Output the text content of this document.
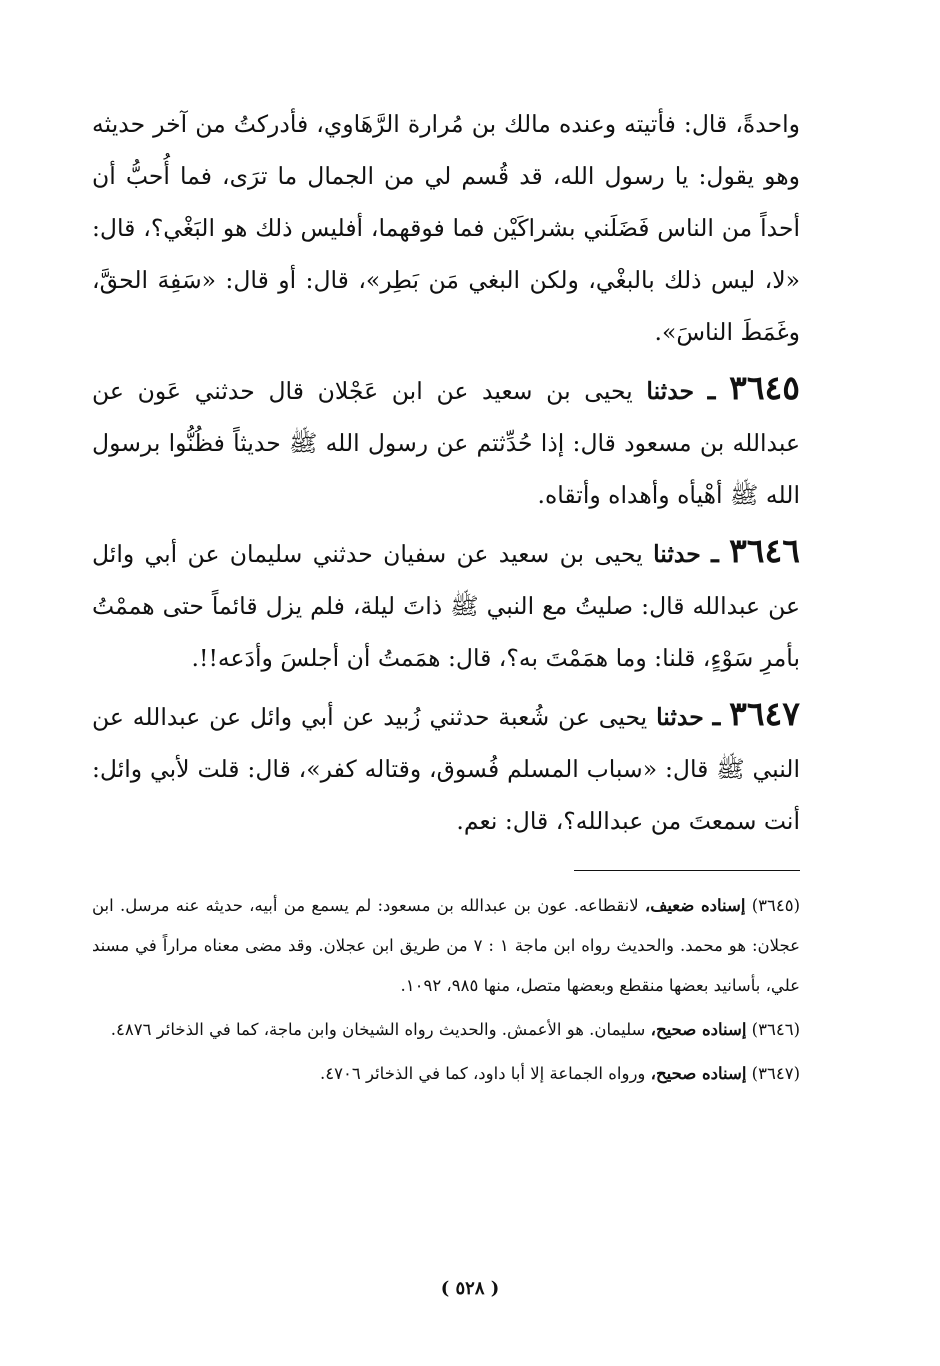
واحدةً، قال: فأتيته وعنده مالك بن مُرارة الرَّهَاوي، فأدركتُ من آخر حديثه وهو يقول: يا رسول الله، قد قُسم لي من الجمال ما ترَى، فما أُحبُّ أن أحداً من الناس فَضَلَني بشراكَيْن فما فوقهما، أفليس ذلك هو البَغْي؟، قال: «لا، ليس ذلك بالبغْي، ولكن البغي مَن بَطِر»، قال: أو قال: «سَفِهَ الحقَّ، وغَمَطَ الناسَ».

٣٦٤٥ ـ حدثنا يحيى بن سعيد عن ابن عَجْلان قال حدثني عَون عن عبدالله بن مسعود قال: إذا حُدِّثتم عن رسول الله ﷺ حديثاً فظُنُّوا برسول الله ﷺ أهْيأه وأهداه وأتقاه.

٣٦٤٦ ـ حدثنا يحيى بن سعيد عن سفيان حدثني سليمان عن أبي وائل عن عبدالله قال: صليتُ مع النبي ﷺ ذاتَ ليلة، فلم يزل قائماً حتى هممْتُ بأمرِ سَوْءٍ، قلنا: وما همَمْتَ به؟، قال: همَمتُ أن أجلسَ وأدَعه!!.

٣٦٤٧ ـ حدثنا يحيى عن شُعبة حدثني زُبيد عن أبي وائل عن عبدالله عن النبي ﷺ قال: «سباب المسلم فُسوق، وقتاله كفر»، قال: قلت لأبي وائل: أنت سمعتَ من عبدالله؟، قال: نعم.

(٣٦٤٥) إسناده ضعيف، لانقطاعه. عون بن عبدالله بن مسعود: لم يسمع من أبيه، حديثه عنه مرسل. ابن عجلان: هو محمد. والحديث رواه ابن ماجة ١ : ٧ من طريق ابن عجلان. وقد مضى معناه مراراً في مسند علي، بأسانيد بعضها منقطع وبعضها متصل، منها ٩٨٥، ١٠٩٢.

(٣٦٤٦) إسناده صحيح، سليمان. هو الأعمش. والحديث رواه الشيخان وابن ماجة، كما في الذخائر ٤٨٧٦.

(٣٦٤٧) إسناده صحيح، ورواه الجماعة إلا أبا داود، كما في الذخائر ٤٧٠٦.

( ٥٢٨ )
